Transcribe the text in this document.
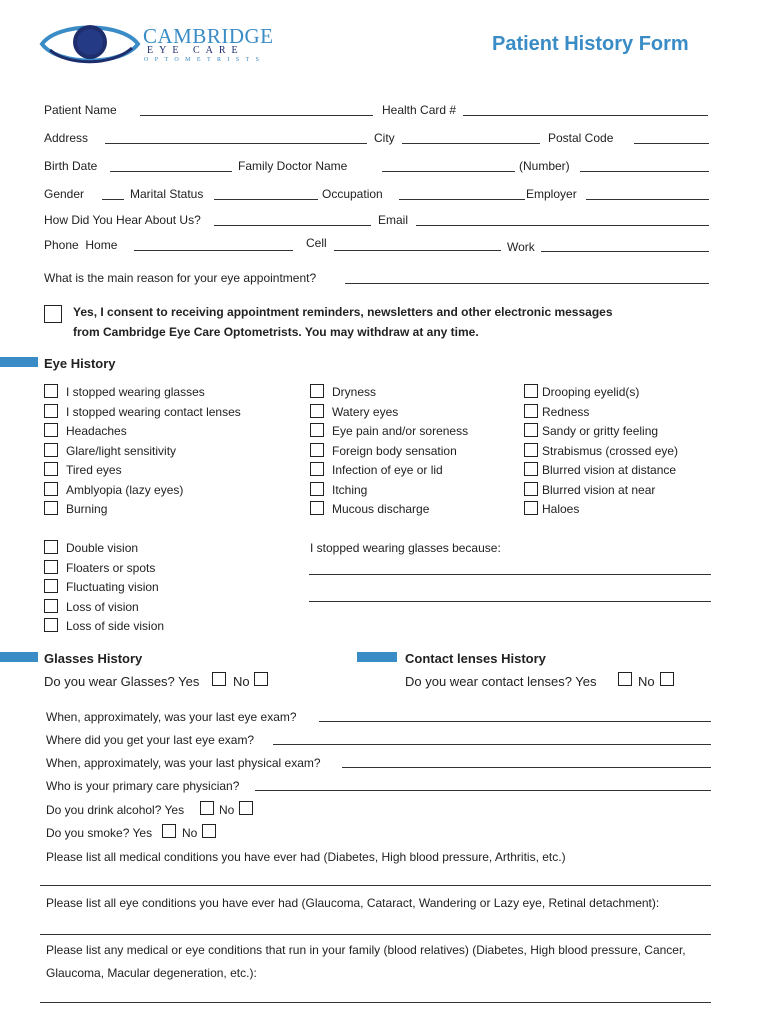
CAMBRIDGE
EYE CARE
OPTOMETRISTS
Patient History Form
Patient Name	Health Card #
Address	City	Postal Code
Birth Date	Family Doctor Name	(Number)
Gender	Marital Status	Occupation	Employer
How Did You Hear About Us?	Email
Phone  Home	Cell	Work
What is the main reason for your eye appointment?
Yes, I consent to receiving appointment reminders, newsletters and other electronic messages
from Cambridge Eye Care Optometrists. You may withdraw at any time.
Eye History
I stopped wearing glasses
I stopped wearing contact lenses
Headaches
Glare/light sensitivity
Tired eyes
Amblyopia (lazy eyes)
Burning
Dryness
Watery eyes
Eye pain and/or soreness
Foreign body sensation
Infection of eye or lid
Itching
Mucous discharge
Drooping eyelid(s)
Redness
Sandy or gritty feeling
Strabismus (crossed eye)
Blurred vision at distance
Blurred vision at near
Haloes
Double vision
Floaters or spots
Fluctuating vision
Loss of vision
Loss of side vision
I stopped wearing glasses because:
Glasses History	Contact lenses History
Do you wear Glasses? Yes	No	Do you wear contact lenses? Yes	No
When, approximately, was your last eye exam?
Where did you get your last eye exam?
When, approximately, was your last physical exam?
Who is your primary care physician?
Do you drink alcohol? Yes	No
Do you smoke? Yes No
Please list all medical conditions you have ever had (Diabetes, High blood pressure, Arthritis, etc.)
Please list all eye conditions you have ever had (Glaucoma, Cataract, Wandering or Lazy eye, Retinal detachment):
Please list any medical or eye conditions that run in your family (blood relatives) (Diabetes, High blood pressure, Cancer,
Glaucoma, Macular degeneration, etc.):
